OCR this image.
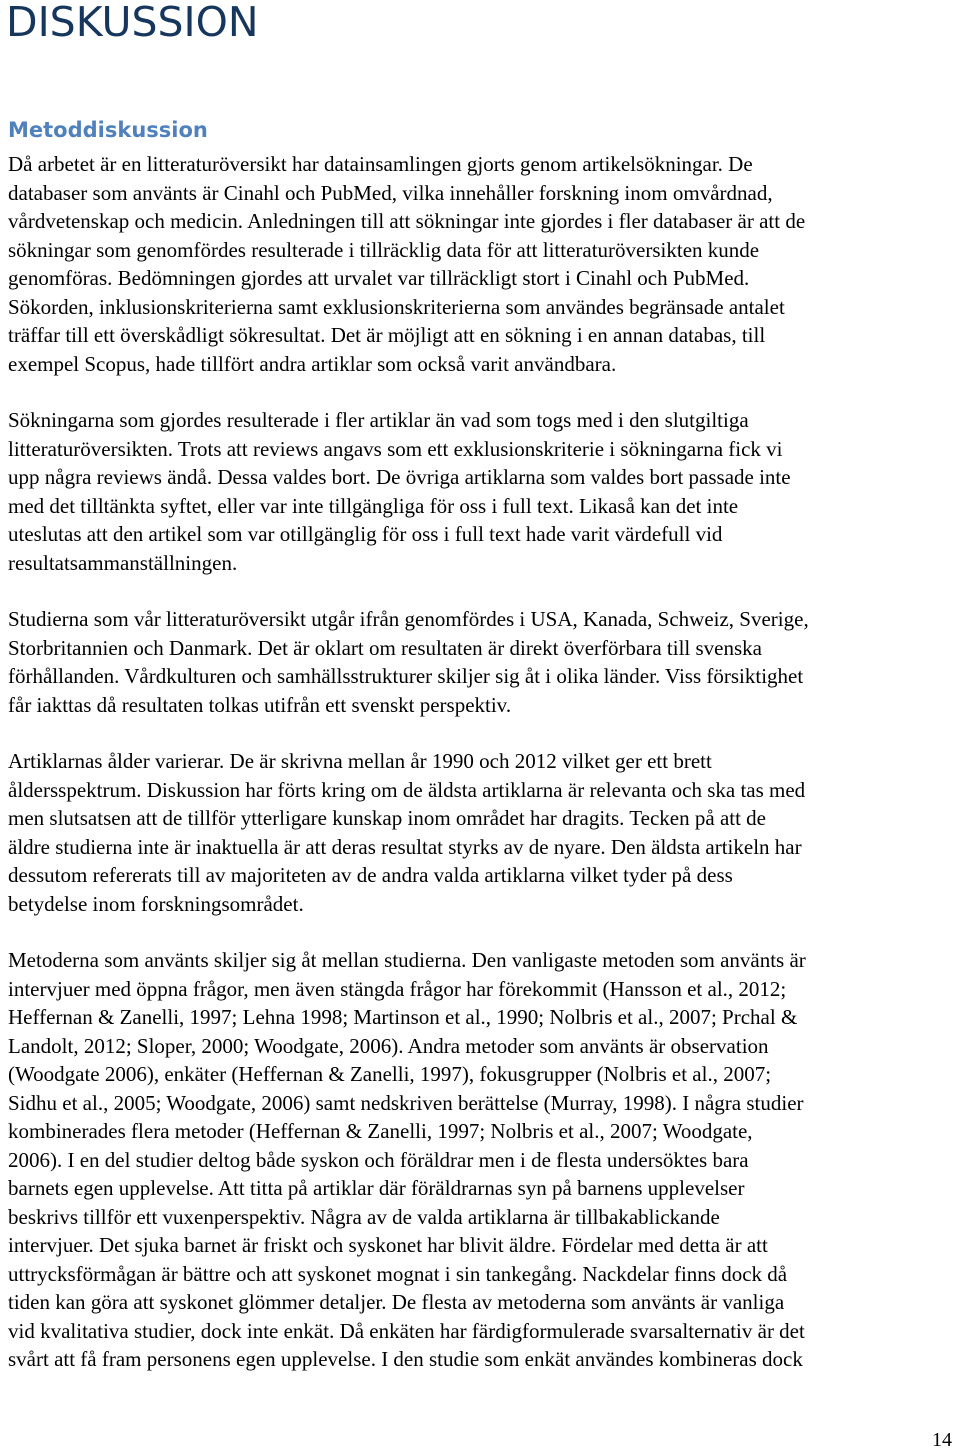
DISKUSSION
Metoddiskussion

Då arbetet är en litteraturöversikt har datainsamlingen gjorts genom artikelsökningar. De
databaser som använts är Cinahl och PubMed, vilka innehåller forskning inom omvårdnad,
vårdvetenskap och medicin. Anledningen till att sökningar inte gjordes i fler databaser är att de
sökningar som genomfördes resulterade i tillräcklig data för att litteraturöversikten kunde
genomföras. Bedömningen gjordes att urvalet var tillräckligt stort i Cinahl och PubMed.
Sökorden, inklusionskriterierna samt exklusionskriterierna som användes begränsade antalet
träffar till ett överskådligt sökresultat. Det är möjligt att en sökning i en annan databas, till
exempel Scopus, hade tillfört andra artiklar som också varit användbara.

Sökningarna som gjordes resulterade i fler artiklar än vad som togs med i den slutgiltiga
litteraturöversikten. Trots att reviews angavs som ett exklusionskriterie i sökningarna fick vi
upp några reviews ändå. Dessa valdes bort. De övriga artiklarna som valdes bort passade inte
med det tilltänkta syftet, eller var inte tillgängliga för oss i full text. Likaså kan det inte
uteslutas att den artikel som var otillgänglig för oss i full text hade varit värdefull vid
resultatsammanställningen.

Studierna som vår litteraturöversikt utgår ifrån genomfördes i USA, Kanada, Schweiz, Sverige,
Storbritannien och Danmark. Det är oklart om resultaten är direkt överförbara till svenska
förhållanden. Vårdkulturen och samhällsstrukturer skiljer sig åt i olika länder. Viss försiktighet
får iakttas då resultaten tolkas utifrån ett svenskt perspektiv.

Artiklarnas ålder varierar. De är skrivna mellan år 1990 och 2012 vilket ger ett brett
åldersspektrum. Diskussion har förts kring om de äldsta artiklarna är relevanta och ska tas med
men slutsatsen att de tillför ytterligare kunskap inom området har dragits. Tecken på att de
äldre studierna inte är inaktuella är att deras resultat styrks av de nyare. Den äldsta artikeln har
dessutom refererats till av majoriteten av de andra valda artiklarna vilket tyder på dess
betydelse inom forskningsområdet.

Metoderna som använts skiljer sig åt mellan studierna. Den vanligaste metoden som använts är
intervjuer med öppna frågor, men även stängda frågor har förekommit (Hansson et al., 2012;
Heffernan & Zanelli, 1997; Lehna 1998; Martinson et al., 1990; Nolbris et al., 2007; Prchal &
Landolt, 2012; Sloper, 2000; Woodgate, 2006). Andra metoder som använts är observation
(Woodgate 2006), enkäter (Heffernan & Zanelli, 1997), fokusgrupper (Nolbris et al., 2007;
Sidhu et al., 2005; Woodgate, 2006) samt nedskriven berättelse (Murray, 1998). I några studier
kombinerades flera metoder (Heffernan & Zanelli, 1997; Nolbris et al., 2007; Woodgate,
2006). I en del studier deltog både syskon och föräldrar men i de flesta undersöktes bara
barnets egen upplevelse. Att titta på artiklar där föräldrarnas syn på barnens upplevelser
beskrivs tillför ett vuxenperspektiv. Några av de valda artiklarna är tillbakablickande
intervjuer. Det sjuka barnet är friskt och syskonet har blivit äldre. Fördelar med detta är att
uttrycksförmågan är bättre och att syskonet mognat i sin tankegång. Nackdelar finns dock då
tiden kan göra att syskonet glömmer detaljer. De flesta av metoderna som använts är vanliga
vid kvalitativa studier, dock inte enkät. Då enkäten har färdigformulerade svarsalternativ är det
svårt att få fram personens egen upplevelse. I den studie som enkät användes kombineras dock

14
